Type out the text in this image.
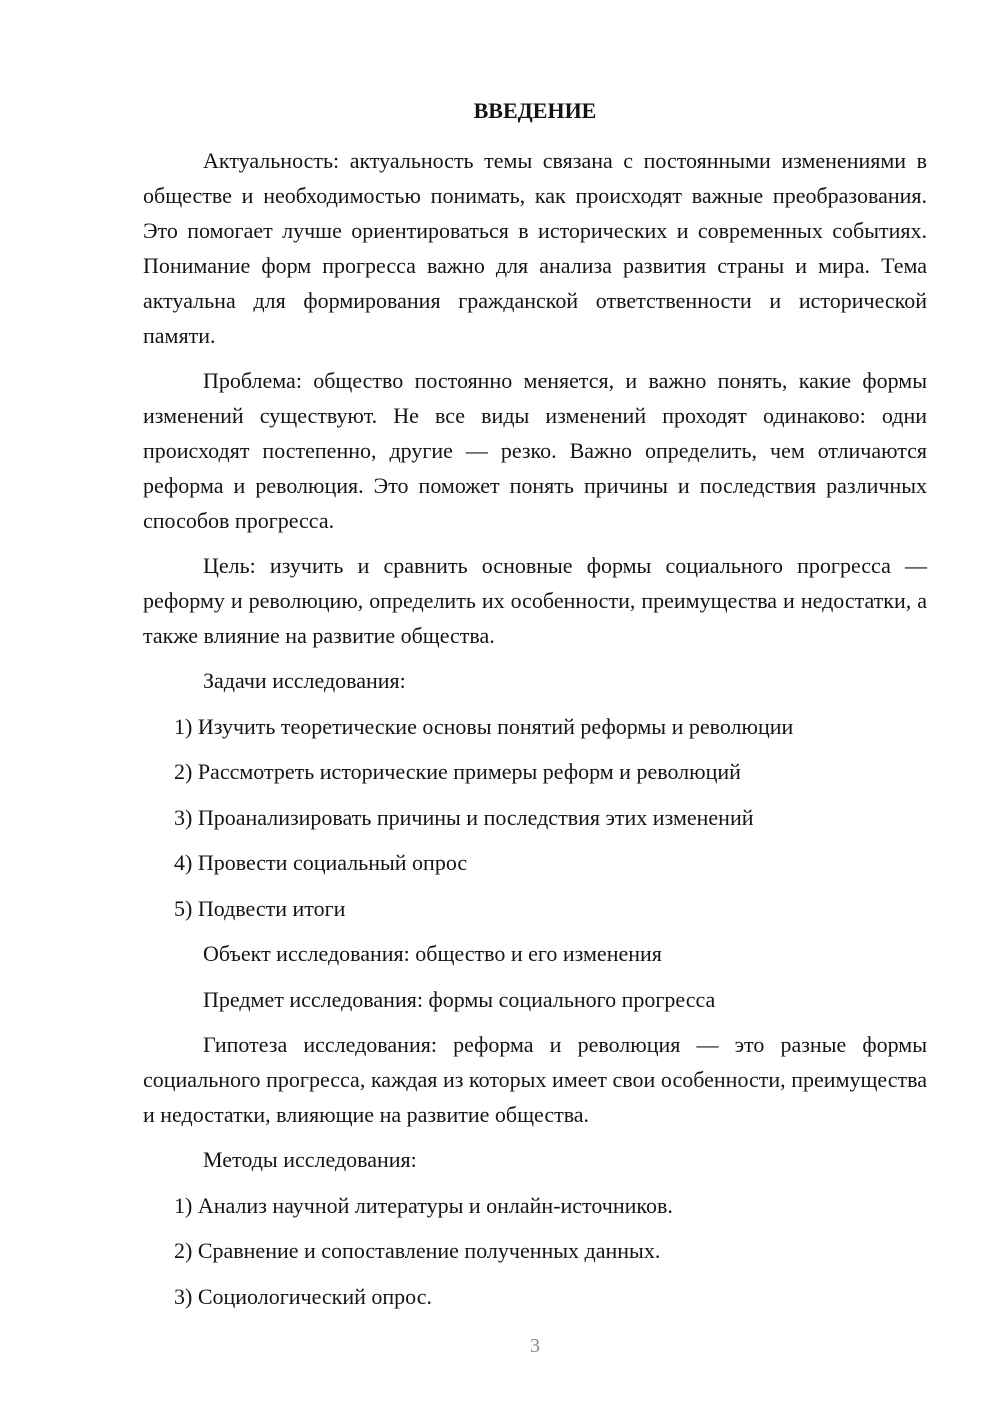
ВВЕДЕНИЕ

Актуальность: актуальность темы связана с постоянными изменениями в обществе и необходимостью понимать, как происходят важные преобразования. Это помогает лучше ориентироваться в исторических и современных событиях. Понимание форм прогресса важно для анализа развития страны и мира. Тема актуальна для формирования гражданской ответственности и исторической памяти.

Проблема: общество постоянно меняется, и важно понять, какие формы изменений существуют. Не все виды изменений проходят одинаково: одни происходят постепенно, другие — резко. Важно определить, чем отличаются реформа и революция. Это поможет понять причины и последствия различных способов прогресса.

Цель: изучить и сравнить основные формы социального прогресса — реформу и революцию, определить их особенности, преимущества и недостатки, а также влияние на развитие общества.

Задачи исследования:
1) Изучить теоретические основы понятий реформы и революции
2) Рассмотреть исторические примеры реформ и революций
3) Проанализировать причины и последствия этих изменений
4) Провести социальный опрос
5) Подвести итоги
Объект исследования: общество и его изменения
Предмет исследования: формы социального прогресса

Гипотеза исследования: реформа и революция — это разные формы социального прогресса, каждая из которых имеет свои особенности, преимущества и недостатки, влияющие на развитие общества.

Методы исследования:
1) Анализ научной литературы и онлайн-источников.
2) Сравнение и сопоставление полученных данных.
3) Социологический опрос.
3
